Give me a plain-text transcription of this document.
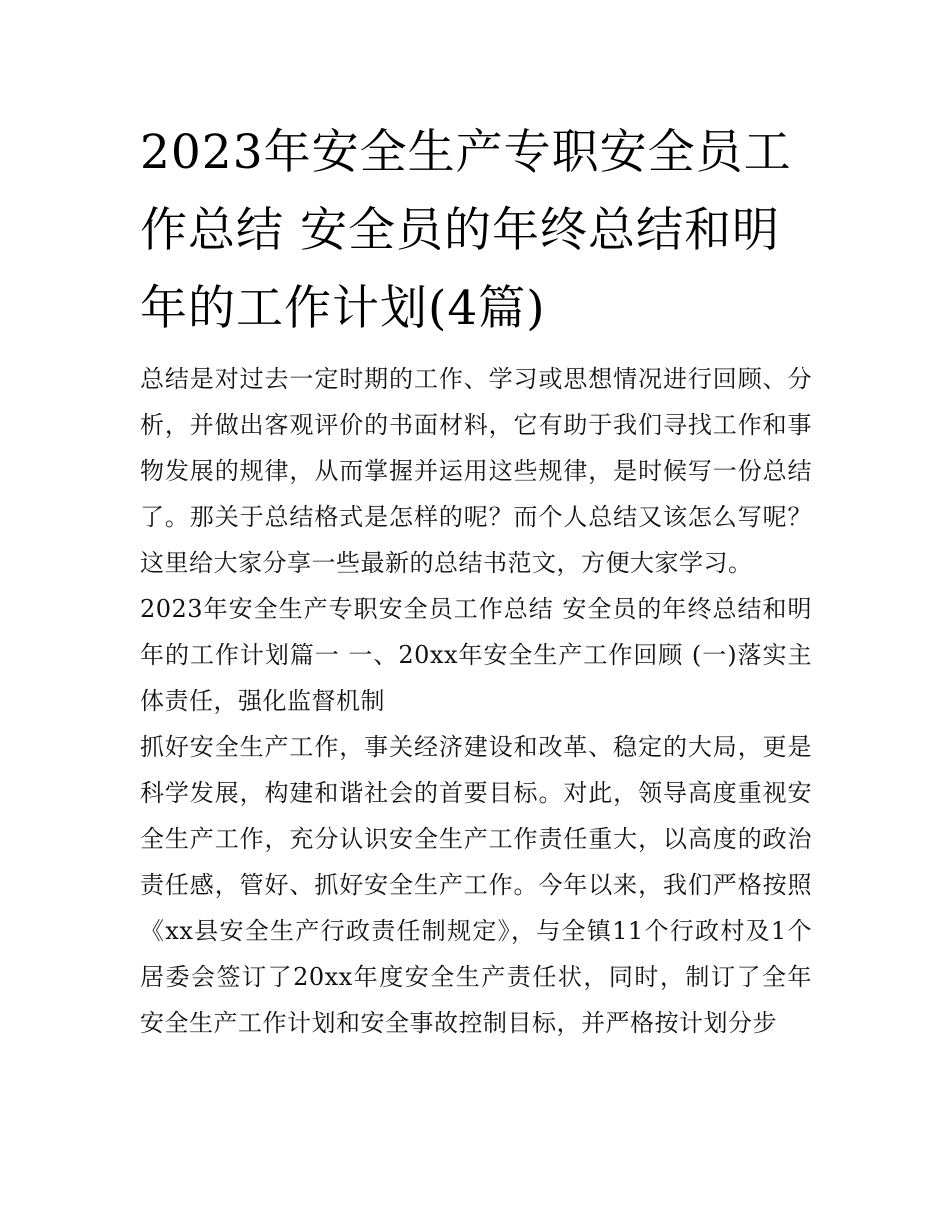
2023年安全生产专职安全员工作总结 安全员的年终总结和明年的工作计划(4篇)

总结是对过去一定时期的工作、学习或思想情况进行回顾、分析，并做出客观评价的书面材料，它有助于我们寻找工作和事物发展的规律，从而掌握并运用这些规律，是时候写一份总结了。那关于总结格式是怎样的呢？而个人总结又该怎么写呢？这里给大家分享一些最新的总结书范文，方便大家学习。

2023年安全生产专职安全员工作总结 安全员的年终总结和明年的工作计划篇一 一、20xx年安全生产工作回顾 (一)落实主体责任，强化监督机制

抓好安全生产工作，事关经济建设和改革、稳定的大局，更是科学发展，构建和谐社会的首要目标。对此，领导高度重视安全生产工作，充分认识安全生产工作责任重大，以高度的政治责任感，管好、抓好安全生产工作。今年以来，我们严格按照《xx县安全生产行政责任制规定》，与全镇11个行政村及1个居委会签订了20xx年度安全生产责任状，同时，制订了全年安全生产工作计划和安全事故控制目标，并严格按计划分步
